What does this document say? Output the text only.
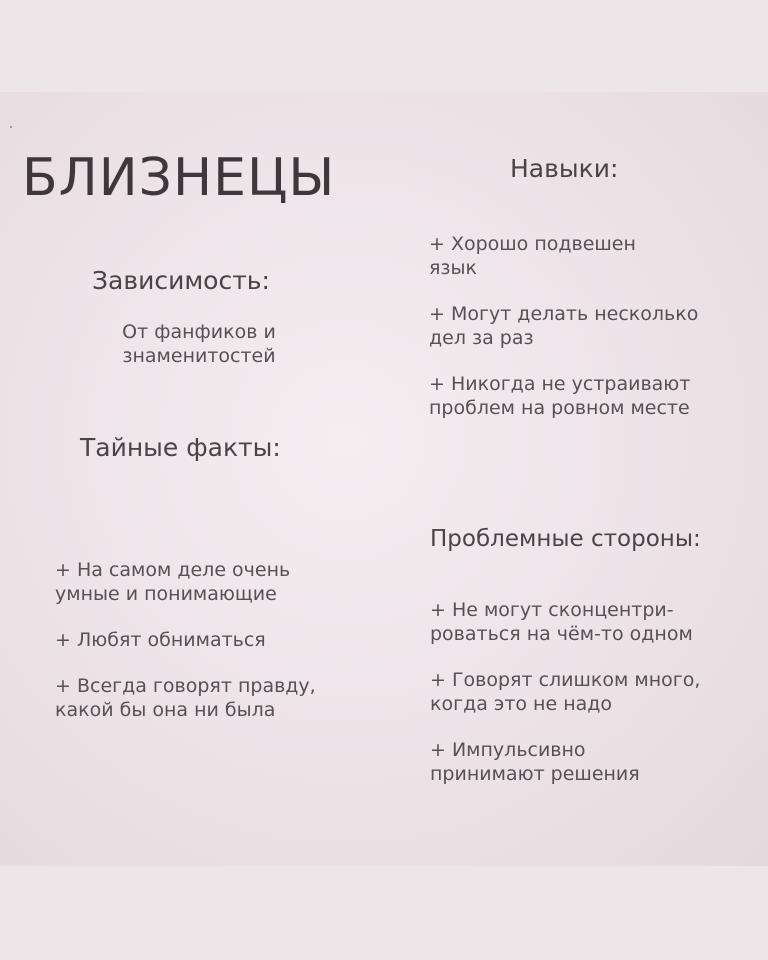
БЛИЗНЕЦЫ
Зависимость:
От фанфиков и
знаменитостей
Тайные факты:
+ На самом деле очень
умные и понимающие
+ Любят обниматься
+ Всегда говорят правду,
какой бы она ни была
Навыки:
+ Хорошо подвешен
язык
+ Могут делать несколько
дел за раз
+ Никогда не устраивают
проблем на ровном месте
Проблемные стороны:
+ Не могут сконцентри-
роваться на чём-то одном
+ Говорят слишком много,
когда это не надо
+ Импульсивно
принимают решения
